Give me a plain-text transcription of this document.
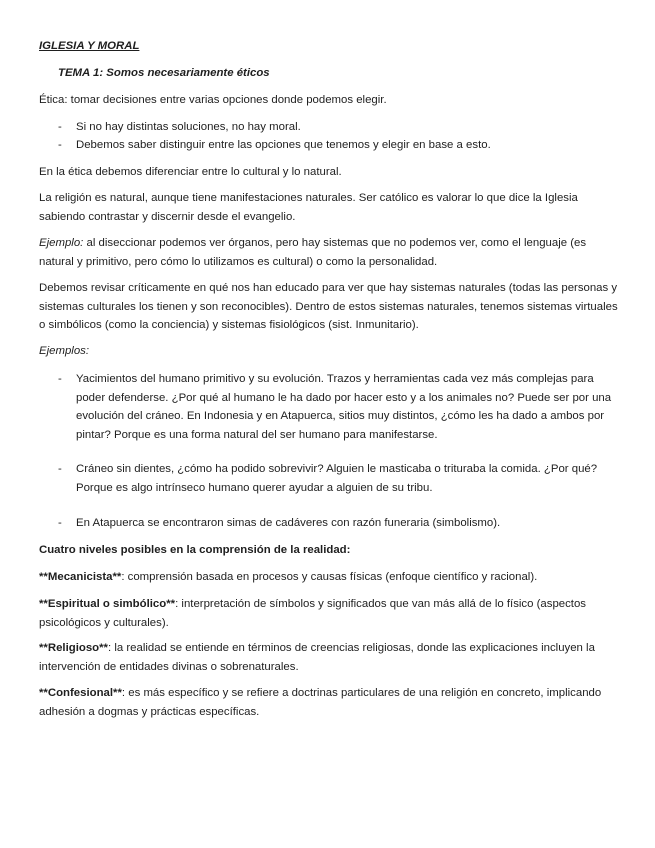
IGLESIA Y MORAL

TEMA 1: Somos necesariamente éticos

Ética: tomar decisiones entre varias opciones donde podemos elegir.

- Si no hay distintas soluciones, no hay moral.
- Debemos saber distinguir entre las opciones que tenemos y elegir en base a esto.

En la ética debemos diferenciar entre lo cultural y lo natural.

La religión es natural, aunque tiene manifestaciones naturales. Ser católico es valorar lo que dice la Iglesia sabiendo contrastar y discernir desde el evangelio.

Ejemplo: al diseccionar podemos ver órganos, pero hay sistemas que no podemos ver, como el lenguaje (es natural y primitivo, pero cómo lo utilizamos es cultural) o como la personalidad.

Debemos revisar críticamente en qué nos han educado para ver que hay sistemas naturales (todas las personas y sistemas culturales los tienen y son reconocibles). Dentro de estos sistemas naturales, tenemos sistemas virtuales o simbólicos (como la conciencia) y sistemas fisiológicos (sist. Inmunitario).

Ejemplos:

- Yacimientos del humano primitivo y su evolución. Trazos y herramientas cada vez más complejas para poder defenderse. ¿Por qué al humano le ha dado por hacer esto y a los animales no? Puede ser por una evolución del cráneo. En Indonesia y en Atapuerca, sitios muy distintos, ¿cómo les ha dado a ambos por pintar? Porque es una forma natural del ser humano para manifestarse.
- Cráneo sin dientes, ¿cómo ha podido sobrevivir? Alguien le masticaba o trituraba la comida. ¿Por qué? Porque es algo intrínseco humano querer ayudar a alguien de su tribu.
- En Atapuerca se encontraron simas de cadáveres con razón funeraria (simbolismo).

Cuatro niveles posibles en la comprensión de la realidad:

**Mecanicista**: comprensión basada en procesos y causas físicas (enfoque científico y racional).

**Espiritual o simbólico**: interpretación de símbolos y significados que van más allá de lo físico (aspectos psicológicos y culturales).

**Religioso**: la realidad se entiende en términos de creencias religiosas, donde las explicaciones incluyen la intervención de entidades divinas o sobrenaturales.

**Confesional**: es más específico y se refiere a doctrinas particulares de una religión en concreto, implicando adhesión a dogmas y prácticas específicas.
